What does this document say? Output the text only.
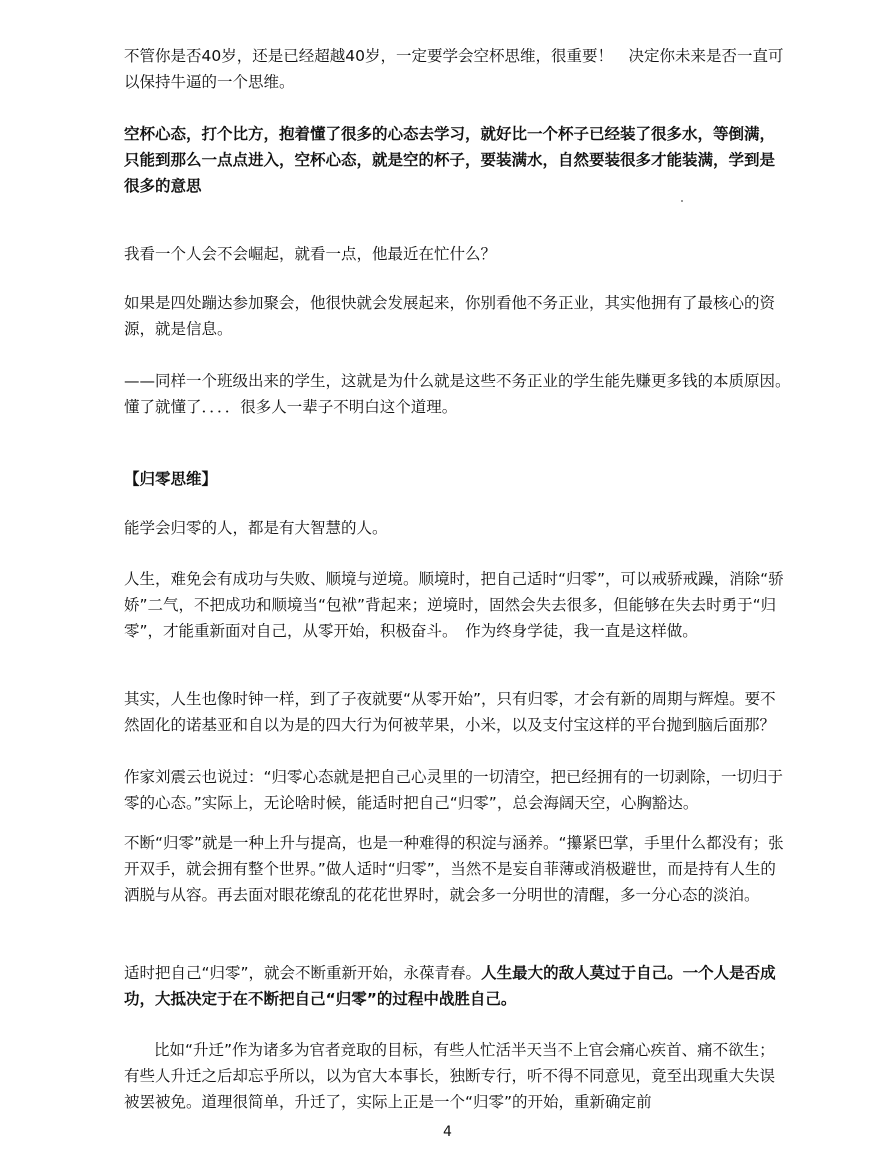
不管你是否40岁，还是已经超越40岁，一定要学会空杯思维，很重要！　决定你未来是否一直可以保持牛逼的一个思维。

空杯心态，打个比方，抱着懂了很多的心态去学习，就好比一个杯子已经装了很多水，等倒满，只能到那么一点点进入，空杯心态，就是空的杯子，要装满水，自然要装很多才能装满，学到是很多的意思

我看一个人会不会崛起，就看一点，他最近在忙什么？

如果是四处蹦达参加聚会，他很快就会发展起来，你别看他不务正业，其实他拥有了最核心的资源，就是信息。

——同样一个班级出来的学生，这就是为什么就是这些不务正业的学生能先赚更多钱的本质原因。　懂了就懂了．．．．很多人一辈子不明白这个道理。

【归零思维】

能学会归零的人，都是有大智慧的人。

人生，难免会有成功与失败、顺境与逆境。顺境时，把自己适时“归零”，可以戒骄戒躁，消除“骄娇”二气，不把成功和顺境当“包袱”背起来；逆境时，固然会失去很多，但能够在失去时勇于“归零”，才能重新面对自己，从零开始，积极奋斗。　作为终身学徒，我一直是这样做。

其实，人生也像时钟一样，到了子夜就要“从零开始”，只有归零，才会有新的周期与辉煌。要不然固化的诺基亚和自以为是的四大行为何被苹果，小米，以及支付宝这样的平台抛到脑后面那？

作家刘震云也说过：“归零心态就是把自己心灵里的一切清空，把已经拥有的一切剥除，一切归于零的心态。”实际上，无论啥时候，能适时把自己“归零”，总会海阔天空，心胸豁达。

不断“归零”就是一种上升与提高，也是一种难得的积淀与涵养。“攥紧巴掌，手里什么都没有；张开双手，就会拥有整个世界。”做人适时“归零”，当然不是妄自菲薄或消极避世，而是持有人生的洒脱与从容。再去面对眼花缭乱的花花世界时，就会多一分明世的清醒，多一分心态的淡泊。

适时把自己“归零”，就会不断重新开始，永葆青春。人生最大的敌人莫过于自己。一个人是否成功，大抵决定于在不断把自己“归零”的过程中战胜自己。

比如“升迁”作为诸多为官者竞取的目标，有些人忙活半天当不上官会痛心疾首、痛不欲生；有些人升迁之后却忘乎所以，以为官大本事长，独断专行，听不得不同意见，竟至出现重大失误被罢被免。道理很简单，升迁了，实际上正是一个“归零”的开始，重新确定前

4
